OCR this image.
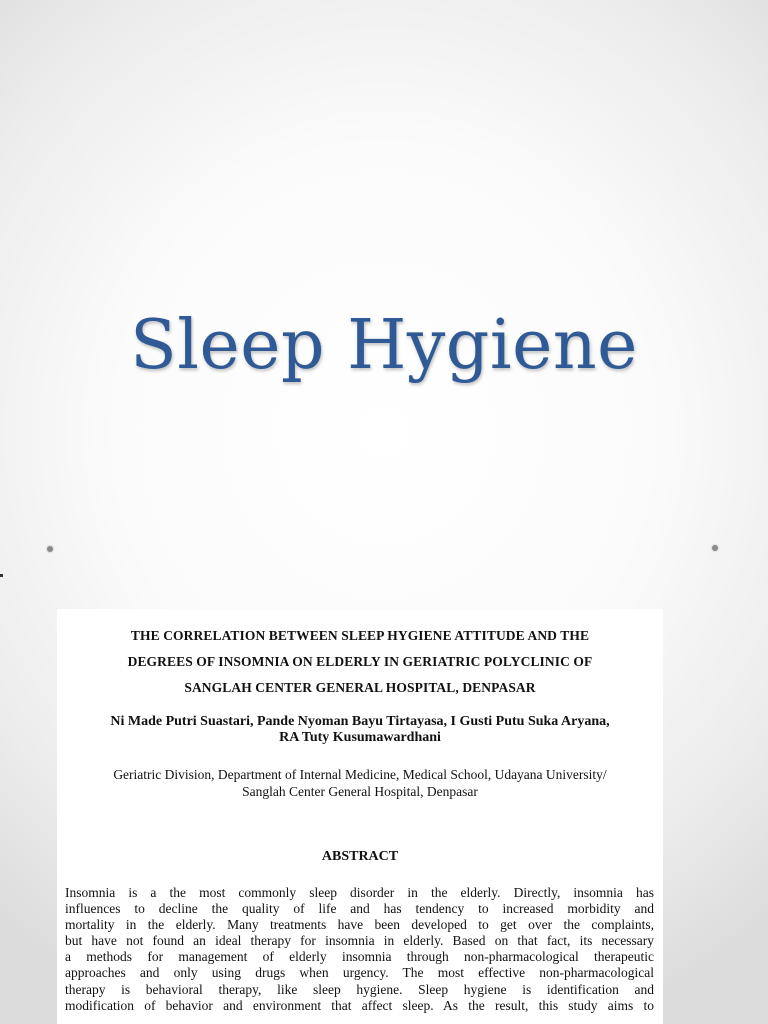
Sleep Hygiene
THE CORRELATION BETWEEN SLEEP HYGIENE ATTITUDE AND THE
DEGREES OF INSOMNIA ON ELDERLY IN GERIATRIC POLYCLINIC OF
SANGLAH CENTER GENERAL HOSPITAL, DENPASAR
Ni Made Putri Suastari, Pande Nyoman Bayu Tirtayasa, I Gusti Putu Suka Aryana,
RA Tuty Kusumawardhani
Geriatric Division, Department of Internal Medicine, Medical School, Udayana University/
Sanglah Center General Hospital, Denpasar
ABSTRACT
Insomnia is a the most commonly sleep disorder in the elderly. Directly, insomnia has
influences to decline the quality of life and has tendency to increased morbidity and
mortality in the elderly. Many treatments have been developed to get over the complaints,
but have not found an ideal therapy for insomnia in elderly. Based on that fact, its necessary
a methods for management of elderly insomnia through non-pharmacological therapeutic
approaches and only using drugs when urgency. The most effective non-pharmacological
therapy is behavioral therapy, like sleep hygiene. Sleep hygiene is identification and
modification of behavior and environment that affect sleep. As the result, this study aims to
